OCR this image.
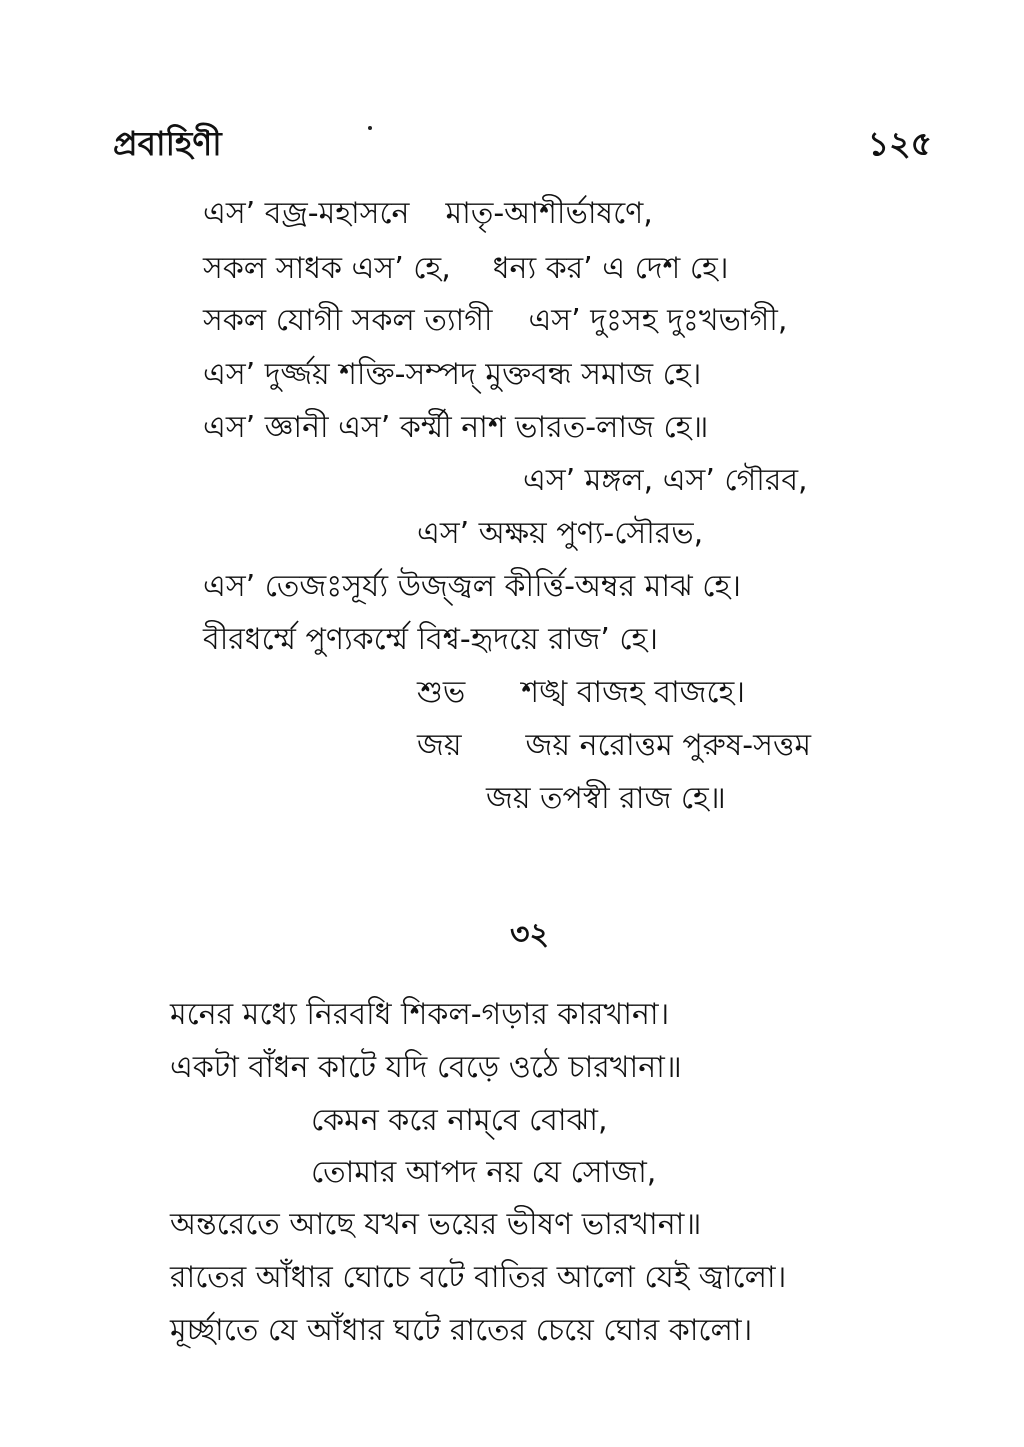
প্রবাহিণী	১২৫
এস’ বজ্র-মহাসনে মাতৃ-আশীর্ভাষণে,
সকল সাধক এস’ হে, ধন্য কর’ এ দেশ হে।
সকল যোগী সকল ত্যাগী এস’ দুঃসহ দুঃখভাগী,
এস’ দুর্জ্জয় শক্তি-সম্পদ্ মুক্তবন্ধ সমাজ হে।
এস’ জ্ঞানী এস’ কর্ম্মী নাশ ভারত-লাজ হে॥
এস’ মঙ্গল, এস’ গৌরব,
এস’ অক্ষয় পুণ্য-সৌরভ,
এস’ তেজঃসূর্য্য উজ্জ্বল কীর্ত্তি-অম্বর মাঝ হে।
বীরধর্ম্মে পুণ্যকর্ম্মে বিশ্ব-হৃদয়ে রাজ’ হে।
শুভ শঙ্খ বাজহ বাজহে।
জয় জয় নরোত্তম পুরুষ-সত্তম
জয় তপস্বী রাজ হে॥
৩২
মনের মধ্যে নিরবধি শিকল-গড়ার কারখানা।
একটা বাঁধন কাটে যদি বেড়ে ওঠে চারখানা॥
কেমন করে নাম্‌বে বোঝা,
তোমার আপদ নয় যে সোজা,
অন্তরেতে আছে যখন ভয়ের ভীষণ ভারখানা॥
রাতের আঁধার ঘোচে বটে বাতির আলো যেই জ্বালো।
মূর্চ্ছাতে যে আঁধার ঘটে রাতের চেয়ে ঘোর কালো।
